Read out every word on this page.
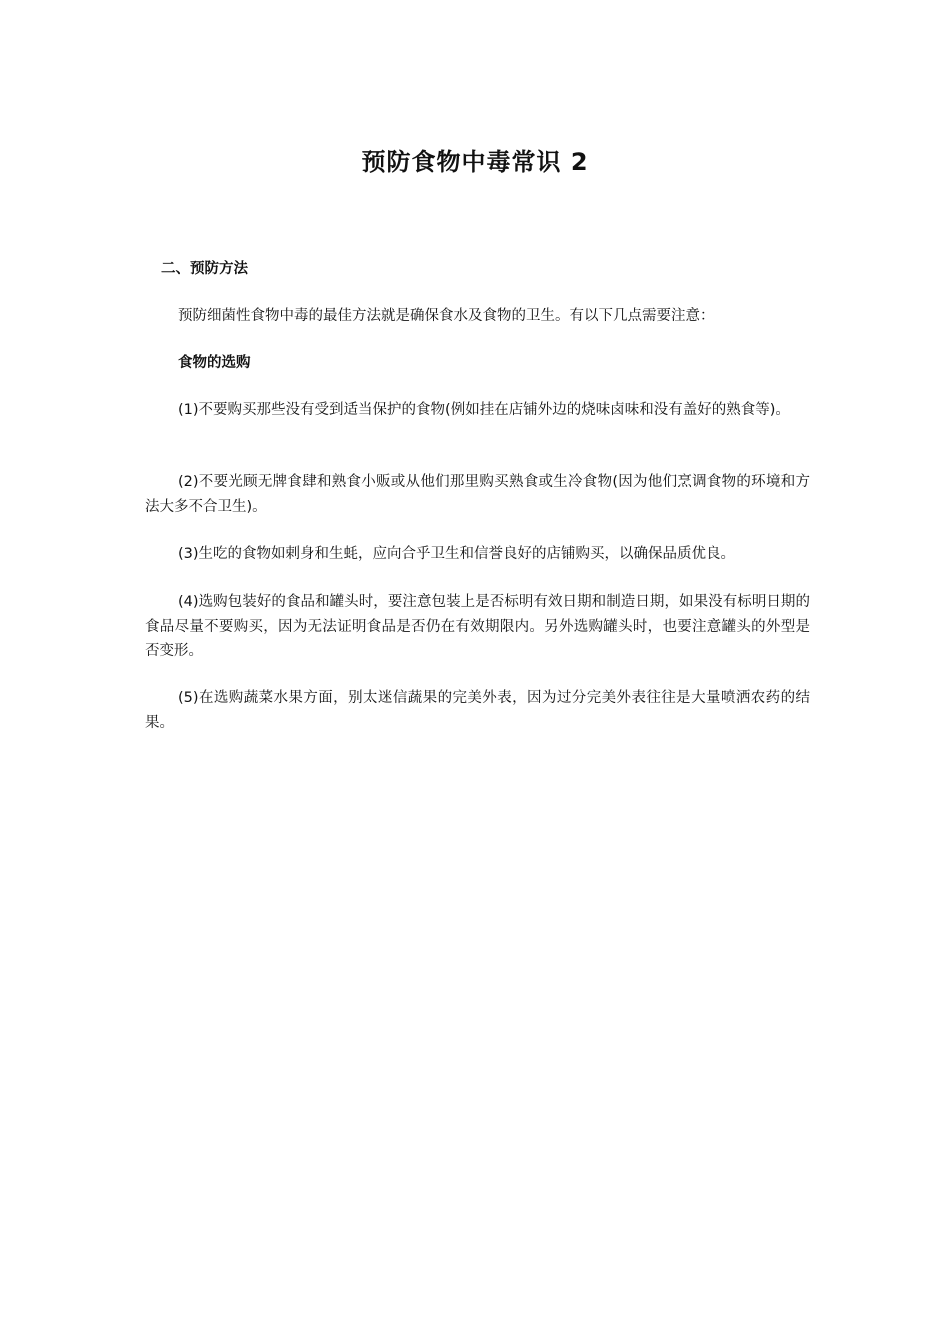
预防食物中毒常识 2
二、预防方法
预防细菌性食物中毒的最佳方法就是确保食水及食物的卫生。有以下几点需要注意：
食物的选购

(1)不要购买那些没有受到适当保护的食物(例如挂在店铺外边的烧味卤味和没有盖好的熟食等)。

(2)不要光顾无牌食肆和熟食小贩或从他们那里购买熟食或生冷食物(因为他们烹调食物的环境和方法大多不合卫生)。

(3)生吃的食物如剌身和生蚝，应向合乎卫生和信誉良好的店铺购买，以确保品质优良。

(4)选购包装好的食品和罐头时，要注意包装上是否标明有效日期和制造日期，如果没有标明日期的食品尽量不要购买，因为无法证明食品是否仍在有效期限内。另外选购罐头时，也要注意罐头的外型是否变形。

(5)在选购蔬菜水果方面，别太迷信蔬果的完美外表，因为过分完美外表往往是大量喷洒农药的结果。
